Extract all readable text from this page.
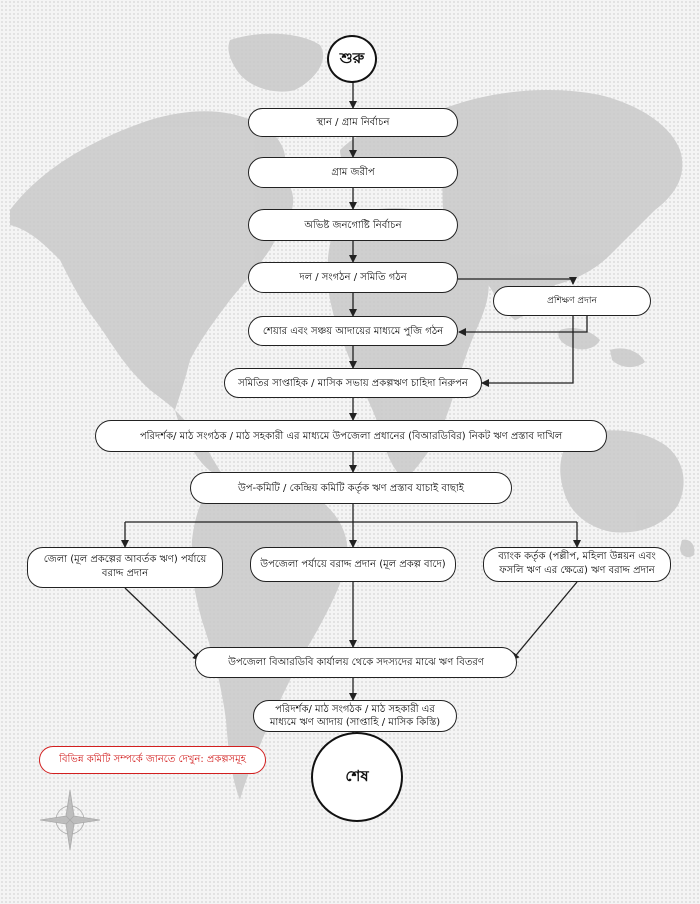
শুরু
স্থান / গ্রাম নির্বাচন
গ্রাম জরীপ
অভিষ্ট জনগোষ্টি নির্বাচন
দল / সংগঠন / সমিতি গঠন
প্রশিক্ষণ প্রদান
শেয়ার এবং সঞ্চয় আদায়ের মাধ্যমে পুজি গঠন
সমিতির সাপ্তাহিক / মাসিক সভায় প্রকল্পঋণ চাহিদা নিরুপন
পরিদর্শক/ মাঠ সংগঠক / মাঠ সহকারী এর মাধ্যমে উপজেলা প্রধানের (বিআরডিবির) নিকট ঋণ প্রস্তাব দাখিল
উপ-কমিটি / কেন্দ্রিয় কমিটি কর্তৃক ঋণ প্রস্তাব যাচাই বাছাই
জেলা (মূল প্রকল্পের আবর্তক ঋণ) পর্যায়ে
বরাদ্দ প্রদান
উপজেলা পর্যায়ে বরাদ্দ প্রদান (মূল প্রকল্প বাদে)
ব্যাংক কর্তৃক (পল্লীপ, মহিলা উন্নয়ন এবং
ফসলি ঋণ এর ক্ষেত্রে) ঋণ বরাদ্দ প্রদান
উপজেলা বিআরডিবি কার্যালয় থেকে সদস্যদের মাঝে ঋণ বিতরণ
পরিদর্শক/ মাঠ সংগঠক / মাঠ সহকারী এর
মাধ্যমে ঋণ আদায় (সাপ্তাহি / মাসিক কিস্তি)
শেষ
বিভিন্ন কমিটি সম্পর্কে জানতে দেখুন: প্রকল্পসমূহ
